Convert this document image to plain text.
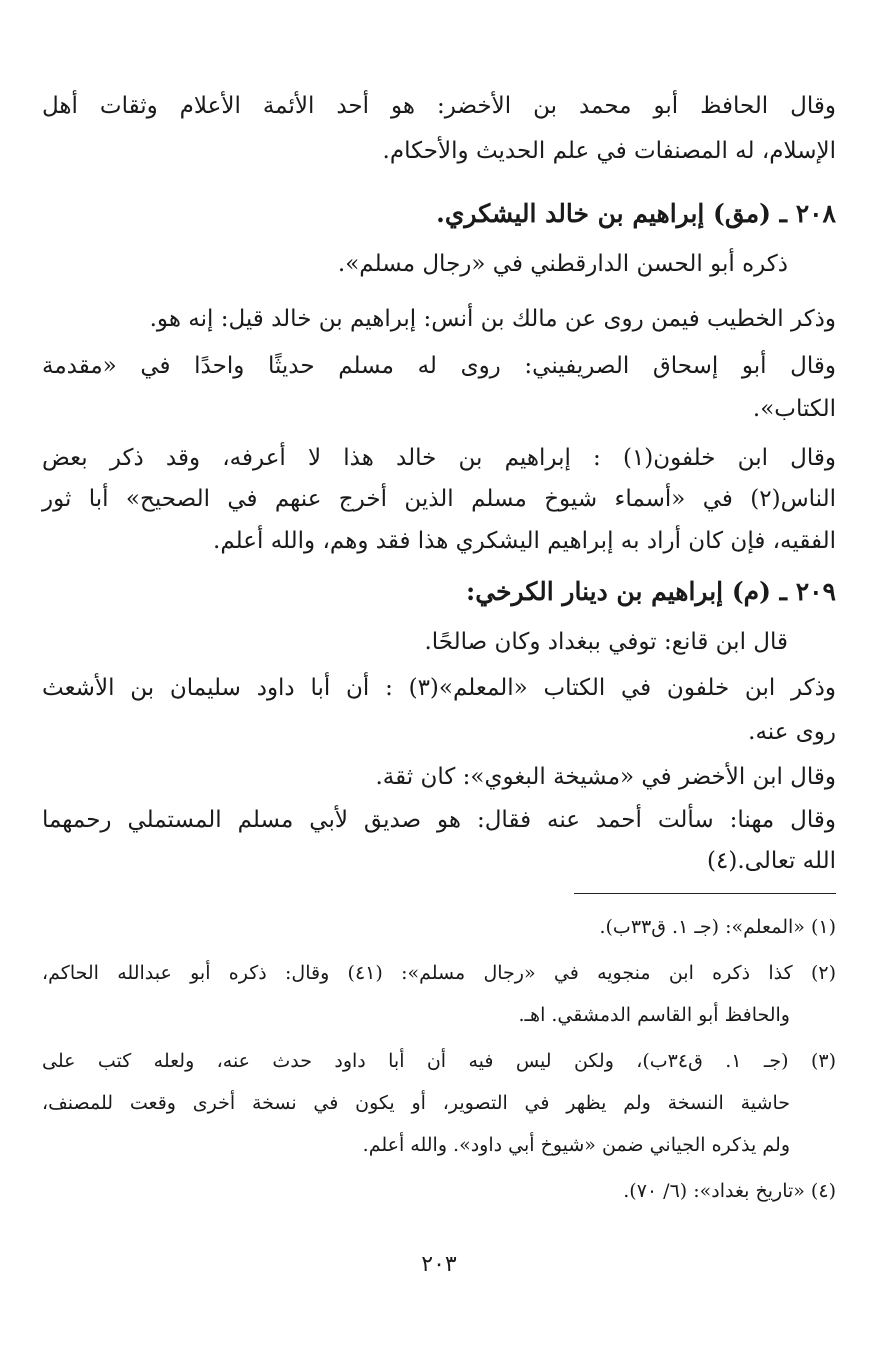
وقال الحافظ أبو محمد بن الأخضر: هو أحد الأئمة الأعلام وثقات أهل
الإسلام، له المصنفات في علم الحديث والأحكام.
٢٠٨ ـ (مق) إبراهيم بن خالد اليشكري.
ذكره أبو الحسن الدارقطني في «رجال مسلم».
وذكر الخطيب فيمن روى عن مالك بن أنس: إبراهيم بن خالد قيل: إنه هو.
وقال أبو إسحاق الصريفيني: روى له مسلم حديثًا واحدًا في «مقدمة
الكتاب».
وقال ابن خلفون(١) : إبراهيم بن خالد هذا لا أعرفه، وقد ذكر بعض
الناس(٢) في «أسماء شيوخ مسلم الذين أخرج عنهم في الصحيح» أبا ثور
الفقيه، فإن كان أراد به إبراهيم اليشكري هذا فقد وهم، والله أعلم.
٢٠٩ ـ (م) إبراهيم بن دينار الكرخي:
قال ابن قانع: توفي ببغداد وكان صالحًا.
وذكر ابن خلفون في الكتاب «المعلم»(٣) : أن أبا داود سليمان بن الأشعث
روى عنه.
وقال ابن الأخضر في «مشيخة البغوي»: كان ثقة.
وقال مهنا: سألت أحمد عنه فقال: هو صديق لأبي مسلم المستملي رحمهما
الله تعالى.(٤)
(١) «المعلم»: (جـ ١. ق٣٣ب).
(٢) كذا ذكره ابن منجويه في «رجال مسلم»: (٤١) وقال: ذكره أبو عبدالله الحاكم،
والحافظ أبو القاسم الدمشقي. اهـ.
(٣) (جـ ١. ق٣٤ب)، ولكن ليس فيه أن أبا داود حدث عنه، ولعله كتب على
حاشية النسخة ولم يظهر في التصوير، أو يكون في نسخة أخرى وقعت للمصنف،
ولم يذكره الجياني ضمن «شيوخ أبي داود». والله أعلم.
(٤) «تاريخ بغداد»: (٦/ ٧٠).
٢٠٣
